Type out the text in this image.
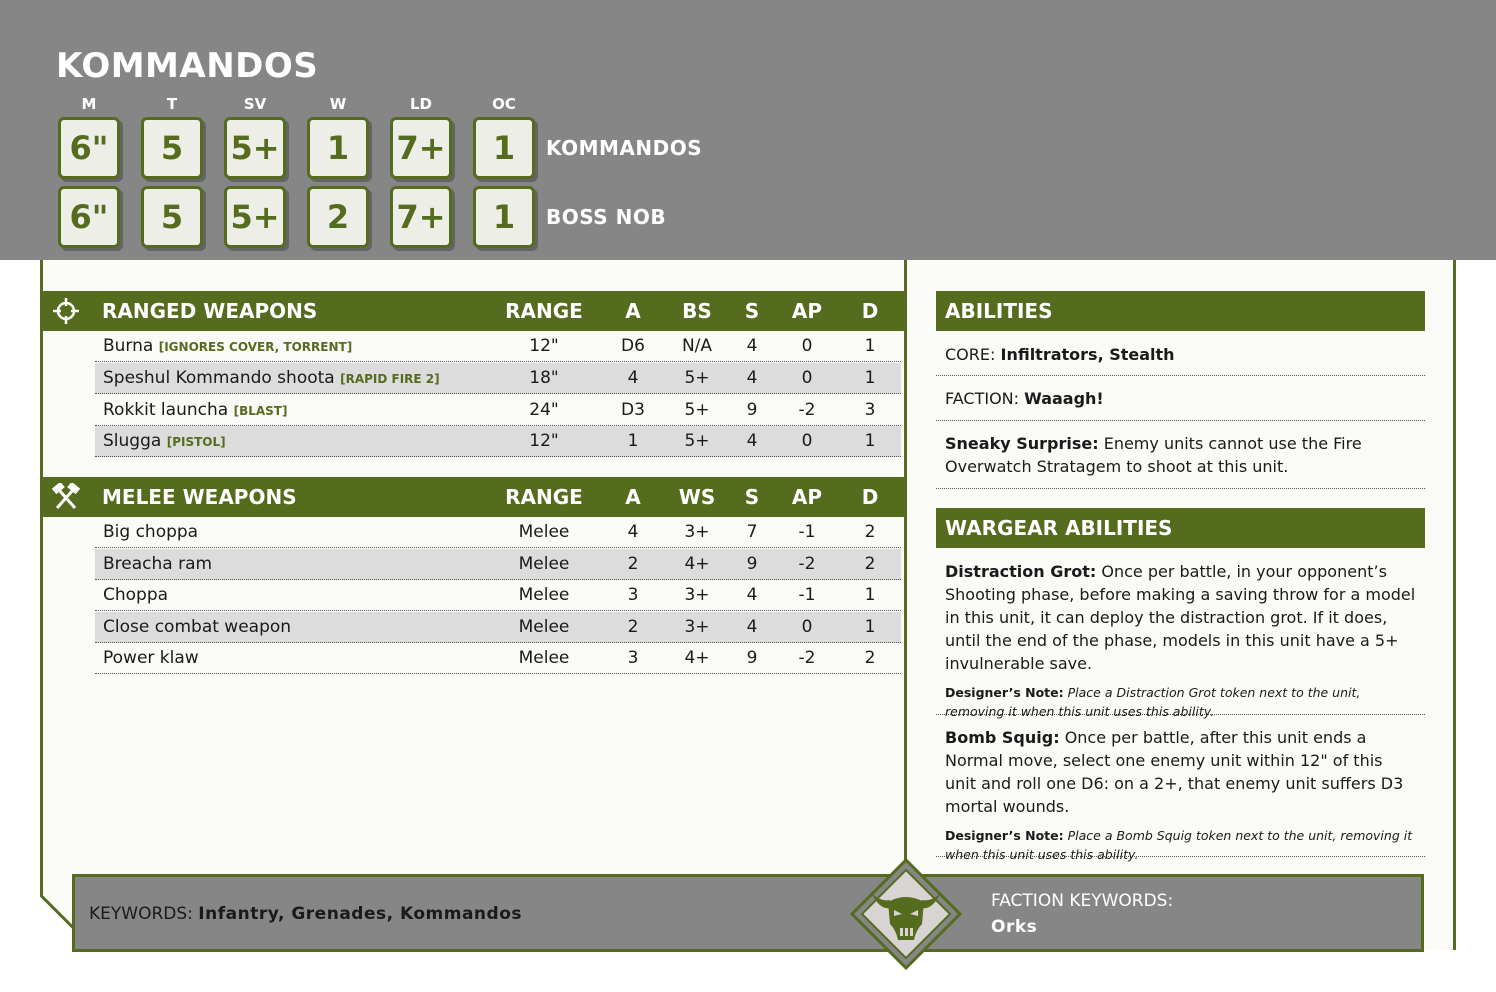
KOMMANDOS
M	T	SV	W	LD	OC
6"	5	5+	1	7+	1	KOMMANDOS
6"	5	5+	2	7+	1	BOSS NOB
RANGED WEAPONS	RANGE	A	BS	S	AP	D
Burna [IGNORES COVER, TORRENT]	12"	D6	N/A	4	0	1
Speshul Kommando shoota [RAPID FIRE 2]	18"	4	5+	4	0	1
Rokkit launcha [BLAST]	24"	D3	5+	9	-2	3
Slugga [PISTOL]	12"	1	5+	4	0	1
MELEE WEAPONS	RANGE	A	WS	S	AP	D
Big choppa	Melee	4	3+	7	-1	2
Breacha ram	Melee	2	4+	9	-2	2
Choppa	Melee	3	3+	4	-1	1
Close combat weapon	Melee	2	3+	4	0	1
Power klaw	Melee	3	4+	9	-2	2
ABILITIES
CORE: Infiltrators, Stealth
FACTION: Waaagh!
Sneaky Surprise: Enemy units cannot use the Fire Overwatch Stratagem to shoot at this unit.
WARGEAR ABILITIES
Distraction Grot: Once per battle, in your opponent’s Shooting phase, before making a saving throw for a model in this unit, it can deploy the distraction grot. If it does, until the end of the phase, models in this unit have a 5+ invulnerable save.
Designer’s Note: Place a Distraction Grot token next to the unit, removing it when this unit uses this ability.
Bomb Squig: Once per battle, after this unit ends a Normal move, select one enemy unit within 12" of this unit and roll one D6: on a 2+, that enemy unit suffers D3 mortal wounds.
Designer’s Note: Place a Bomb Squig token next to the unit, removing it when this unit uses this ability.
KEYWORDS: Infantry, Grenades, Kommandos
FACTION KEYWORDS:
Orks
